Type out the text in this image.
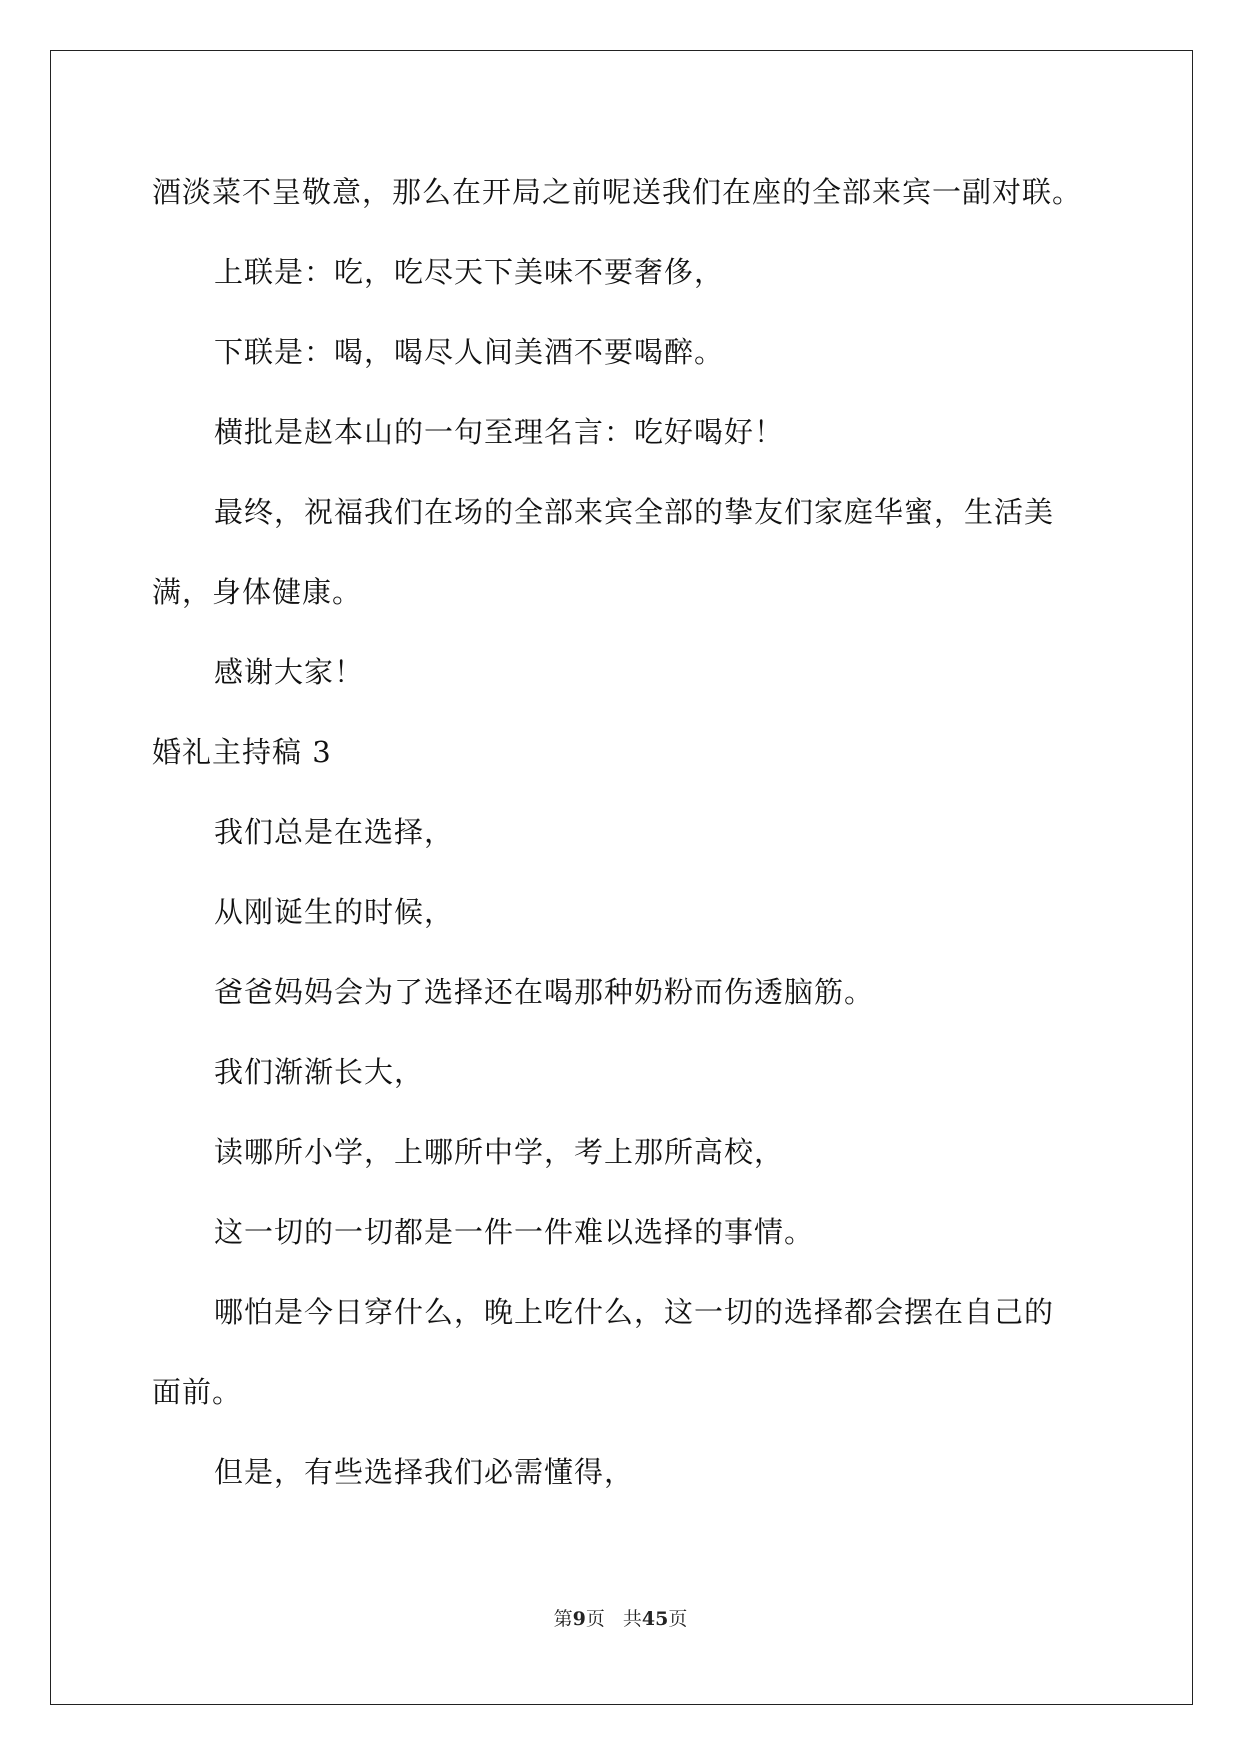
酒淡菜不呈敬意，那么在开局之前呢送我们在座的全部来宾一副对联。
上联是：吃，吃尽天下美味不要奢侈，
下联是：喝，喝尽人间美酒不要喝醉。
横批是赵本山的一句至理名言：吃好喝好！
最终，祝福我们在场的全部来宾全部的挚友们家庭华蜜，生活美
满，身体健康。
感谢大家！
婚礼主持稿 3
我们总是在选择，
从刚诞生的时候，
爸爸妈妈会为了选择还在喝那种奶粉而伤透脑筋。
我们渐渐长大，
读哪所小学，上哪所中学，考上那所高校，
这一切的一切都是一件一件难以选择的事情。
哪怕是今日穿什么，晚上吃什么，这一切的选择都会摆在自己的
面前。
但是，有些选择我们必需懂得，
第9页 共45页
